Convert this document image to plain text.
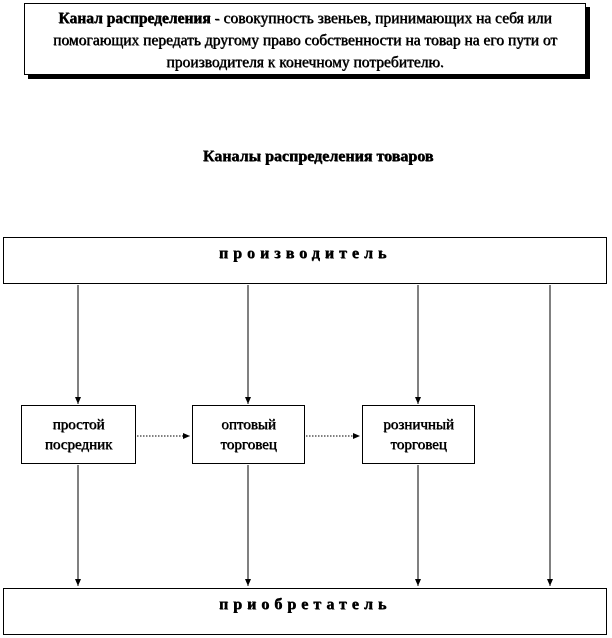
Канал распределения - совокупность звеньев, принимающих на себя или помогающих передать другому право собственности на товар на его пути от производителя к конечному потребителю.
Каналы распределения товаров
производитель
простой
посредник
оптовый
торговец
розничный
торговец
приобретатель
